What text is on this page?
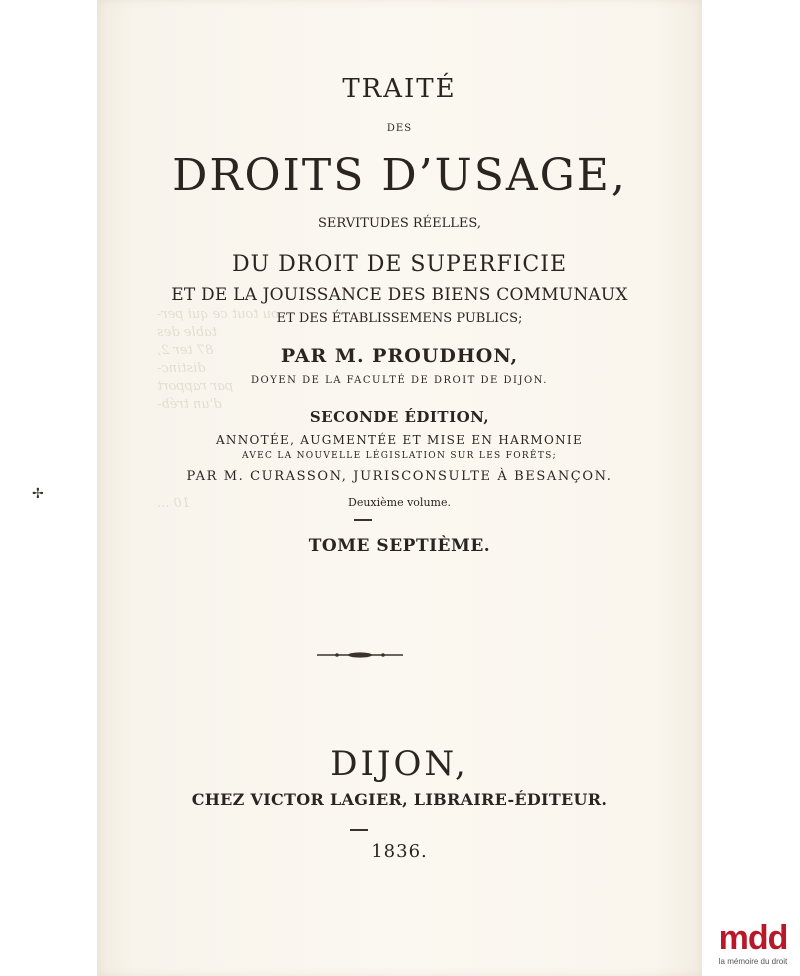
ou tout ce qui per-
table des
87 ter 2,
distinc-
par rapport
d'un tréb-
10 ...
TRAITÉ
DES
DROITS D’USAGE,
SERVITUDES RÉELLES,
DU DROIT DE SUPERFICIE
ET DE LA JOUISSANCE DES BIENS COMMUNAUX
ET DES ÉTABLISSEMENS PUBLICS;
PAR M. PROUDHON,
DOYEN DE LA FACULTÉ DE DROIT DE DIJON.
SECONDE ÉDITION,
ANNOTÉE, AUGMENTÉE ET MISE EN HARMONIE
AVEC LA NOUVELLE LÉGISLATION SUR LES FORÊTS;
PAR M. CURASSON, JURISCONSULTE À BESANÇON.
Deuxième volume.
TOME SEPTIÈME.
DIJON,
CHEZ VICTOR LAGIER, LIBRAIRE-ÉDITEUR.
1836.
✢
mdd
la mémoire du droit
